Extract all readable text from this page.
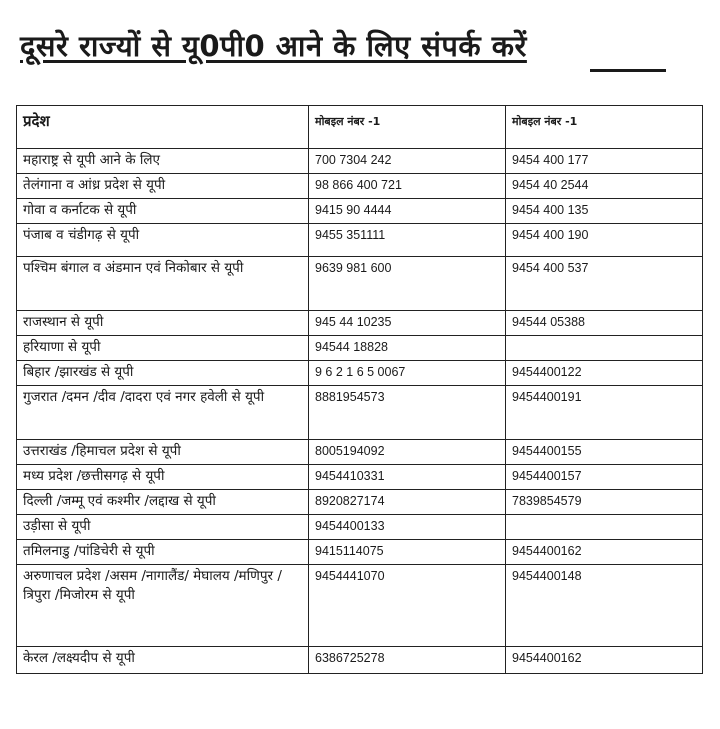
दूसरे राज्यों से यू0पी0 आने के लिए संपर्क करें
प्रदेश	मोबइल नंबर -1	मोबइल नंबर -1
महाराष्ट्र से यूपी आने के लिए	700 7304 242	9454 400 177
तेलंगाना व आंध्र प्रदेश से यूपी	98 866 400 721	9454 40 2544
गोवा व कर्नाटक से यूपी	9415 90 4444	9454 400 135
पंजाब व चंडीगढ़ से यूपी	9455 351111	9454 400 190
पश्चिम बंगाल व अंडमान एवं निकोबार से यूपी	9639 981 600	9454 400 537
राजस्थान से यूपी	945 44 10235	94544 05388
हरियाणा से यूपी	94544 18828	
बिहार /झारखंड से यूपी	9 6 2 1 6 5 0067	9454400122
गुजरात /दमन /दीव /दादरा एवं नगर हवेली से यूपी	8881954573	9454400191
उत्तराखंड /हिमाचल प्रदेश से यूपी	8005194092	9454400155
मध्य प्रदेश /छत्तीसगढ़ से यूपी	9454410331	9454400157
दिल्ली /जम्मू एवं कश्मीर /लद्दाख से यूपी	8920827174	7839854579
उड़ीसा से यूपी	9454400133	
तमिलनाडु /पांडिचेरी से यूपी	9415114075	9454400162
अरुणाचल प्रदेश /असम /नागालैंड/ मेघालय /मणिपुर /त्रिपुरा /मिजोरम से यूपी	9454441070	9454400148
केरल /लक्ष्यदीप से यूपी	6386725278	9454400162
